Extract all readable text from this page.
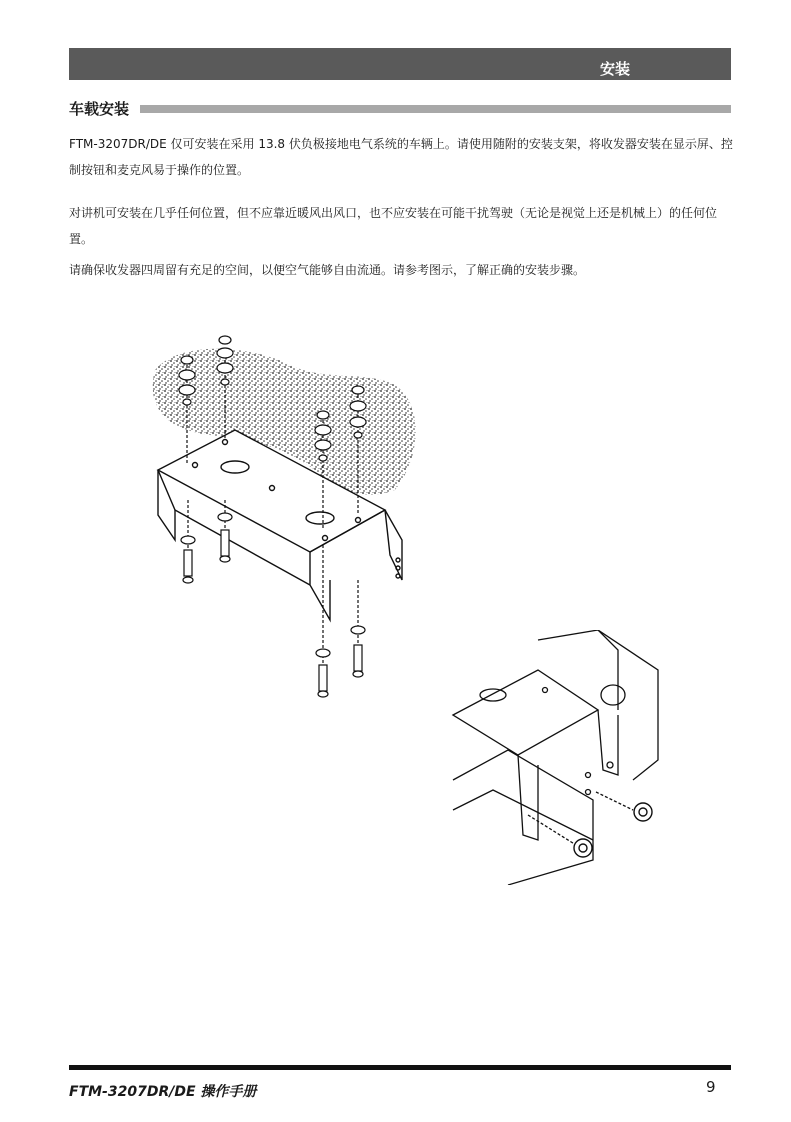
安装
车载安装

FTM-3207DR/DE 仅可安装在采用 13.8 伏负极接地电气系统的车辆上。请使用随附的安装支架，将收发器安装在显示屏、控制按钮和麦克风易于操作的位置。

对讲机可安装在几乎任何位置，但不应靠近暖风出风口，也不应安装在可能干扰驾驶（无论是视觉上还是机械上）的任何位置。

请确保收发器四周留有充足的空间，以便空气能够自由流通。请参考图示，了解正确的安装步骤。

FTM-3207DR/DE 操作手册	9
